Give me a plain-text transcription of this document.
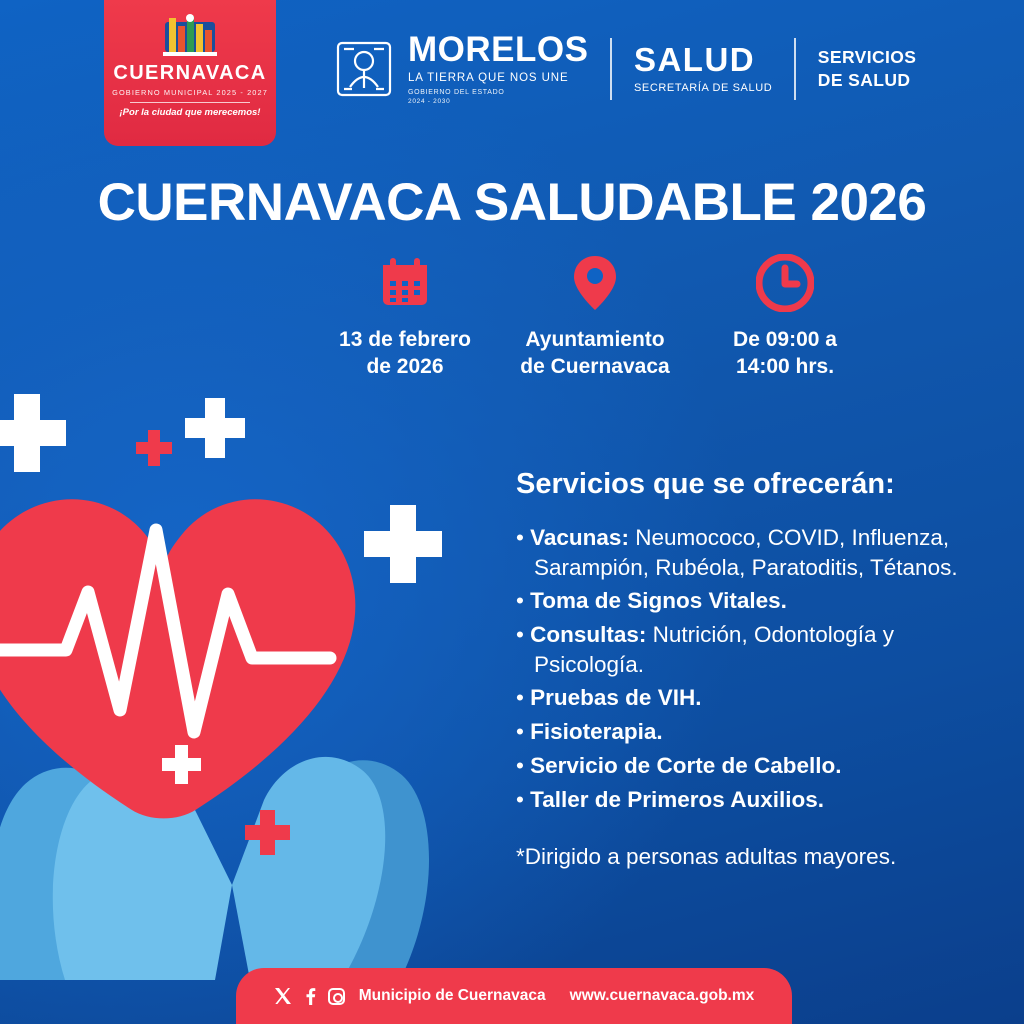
CUERNAVACA
GOBIERNO MUNICIPAL 2025 - 2027
¡Por la ciudad que merecemos!
MORELOS
LA TIERRA QUE NOS UNE
GOBIERNO DEL ESTADO
2024 - 2030
SALUD
SECRETARÍA DE SALUD
SERVICIOS
DE SALUD
CUERNAVACA SALUDABLE 2026
13 de febrero
de 2026
Ayuntamiento
de Cuernavaca
De 09:00 a
14:00 hrs.
Servicios que se ofrecerán:
• Vacunas: Neumococo, COVID, Influenza, Sarampión, Rubéola, Paratoditis, Tétanos.
• Toma de Signos Vitales.
• Consultas: Nutrición, Odontología y Psicología.
• Pruebas de VIH.
• Fisioterapia.
• Servicio de Corte de Cabello.
• Taller de Primeros Auxilios.
*Dirigido a personas adultas mayores.
Municipio de Cuernavaca www.cuernavaca.gob.mx
